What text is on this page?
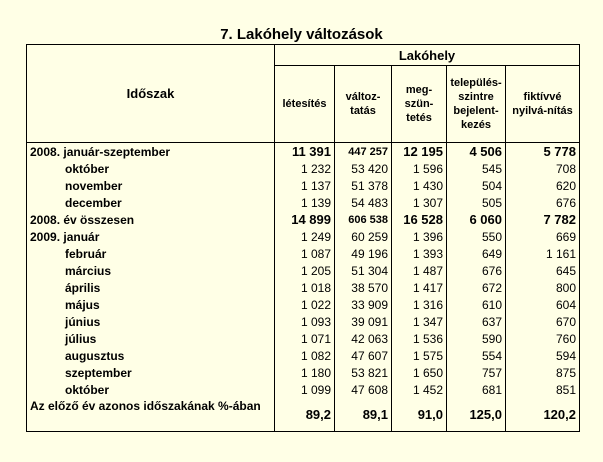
7. Lakóhely változások
Időszak	Lakóhely				
	létesítés	változ-tatás	meg-szün-tetés	település-szintre bejelent-kezés	fiktívvé nyilvá-nítás
2008. január-szeptember	11 391	447 257	12 195	4 506	5 778
október	1 232	53 420	1 596	545	708
november	1 137	51 378	1 430	504	620
december	1 139	54 483	1 307	505	676
2008. év összesen	14 899	606 538	16 528	6 060	7 782
2009. január	1 249	60 259	1 396	550	669
február	1 087	49 196	1 393	649	1 161
március	1 205	51 304	1 487	676	645
április	1 018	38 570	1 417	672	800
május	1 022	33 909	1 316	610	604
június	1 093	39 091	1 347	637	670
július	1 071	42 063	1 536	590	760
augusztus	1 082	47 607	1 575	554	594
szeptember	1 180	53 821	1 650	757	875
október	1 099	47 608	1 452	681	851
Az előző év azonos időszakának %-ában	89,2	89,1	91,0	125,0	120,2
